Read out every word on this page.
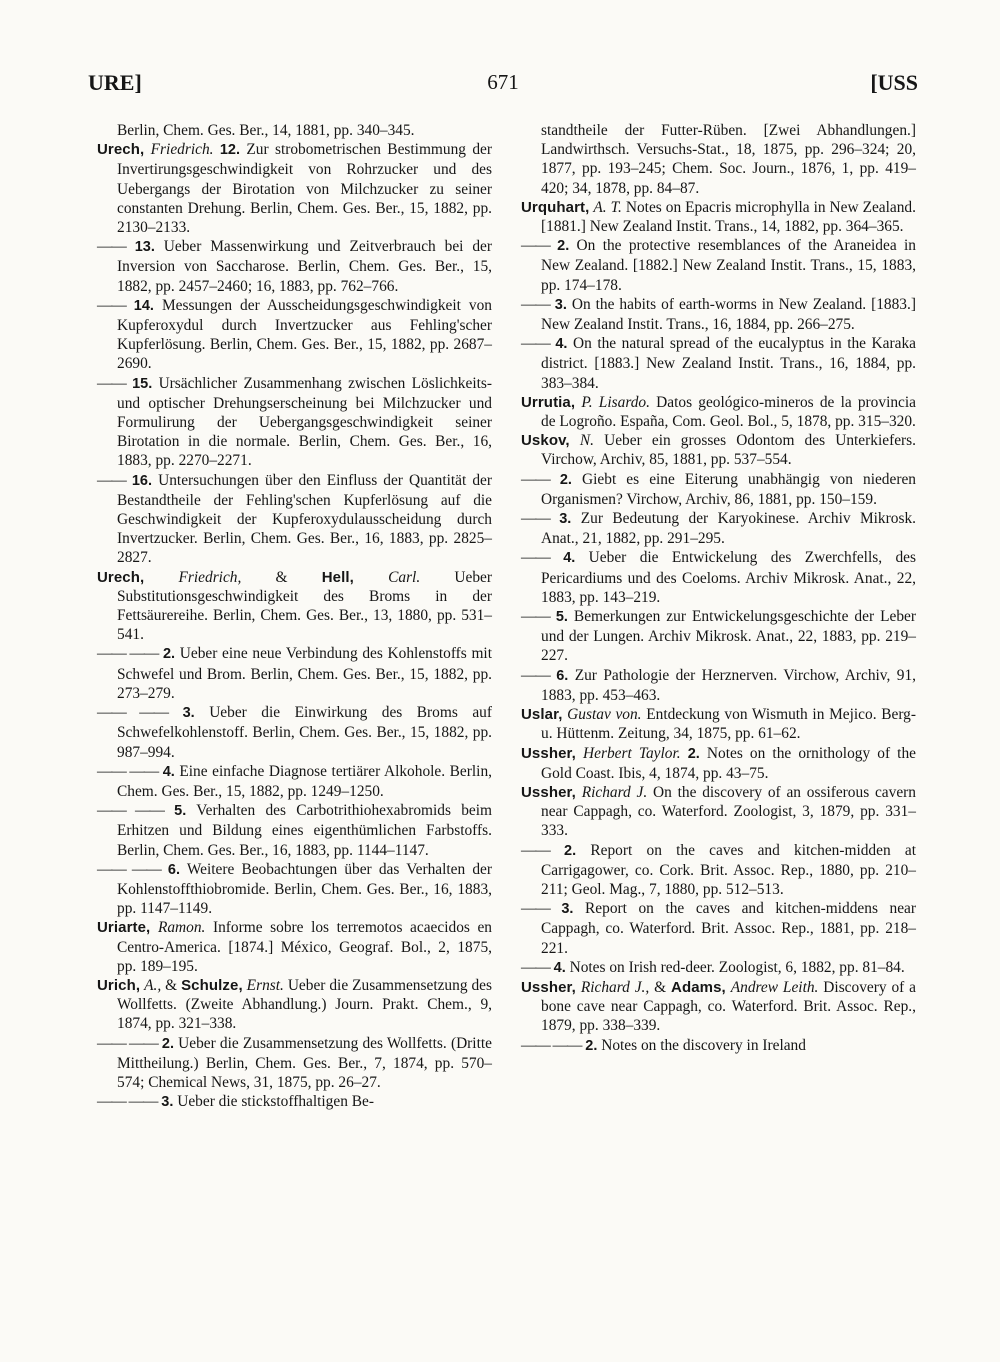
URE]	671	[USS

Berlin, Chem. Ges. Ber., 14, 1881, pp. 340–345.

Urech, Friedrich. 12. Zur strobometrischen Bestimmung der Invertirungsgeschwindigkeit von Rohrzucker und des Uebergangs der Birotation von Milchzucker zu seiner constanten Drehung. Berlin, Chem. Ges. Ber., 15, 1882, pp. 2130–2133.

—— 13. Ueber Massenwirkung und Zeitverbrauch bei der Inversion von Saccharose. Berlin, Chem. Ges. Ber., 15, 1882, pp. 2457–2460; 16, 1883, pp. 762–766.

—— 14. Messungen der Ausscheidungsgeschwindigkeit von Kupferoxydul durch Invertzucker aus Fehling'scher Kupferlösung. Berlin, Chem. Ges. Ber., 15, 1882, pp. 2687–2690.

—— 15. Ursächlicher Zusammenhang zwischen Löslichkeits- und optischer Drehungserscheinung bei Milchzucker und Formulirung der Uebergangsgeschwindigkeit seiner Birotation in die normale. Berlin, Chem. Ges. Ber., 16, 1883, pp. 2270–2271.

—— 16. Untersuchungen über den Einfluss der Quantität der Bestandtheile der Fehling'schen Kupferlösung auf die Geschwindigkeit der Kupferoxydulausscheidung durch Invertzucker. Berlin, Chem. Ges. Ber., 16, 1883, pp. 2825–2827.

Urech, Friedrich, & Hell, Carl. Ueber Substitutionsgeschwindigkeit des Broms in der Fettsäurereihe. Berlin, Chem. Ges. Ber., 13, 1880, pp. 531–541.

—— —— 2. Ueber eine neue Verbindung des Kohlenstoffs mit Schwefel und Brom. Berlin, Chem. Ges. Ber., 15, 1882, pp. 273–279.

—— —— 3. Ueber die Einwirkung des Broms auf Schwefelkohlenstoff. Berlin, Chem. Ges. Ber., 15, 1882, pp. 987–994.

—— —— 4. Eine einfache Diagnose tertiärer Alkohole. Berlin, Chem. Ges. Ber., 15, 1882, pp. 1249–1250.

—— —— 5. Verhalten des Carbotrithiohexabromids beim Erhitzen und Bildung eines eigenthümlichen Farbstoffs. Berlin, Chem. Ges. Ber., 16, 1883, pp. 1144–1147.

—— —— 6. Weitere Beobachtungen über das Verhalten der Kohlenstoffthiobromide. Berlin, Chem. Ges. Ber., 16, 1883, pp. 1147–1149.

Uriarte, Ramon. Informe sobre los terremotos acaecidos en Centro-America. [1874.] México, Geograf. Bol., 2, 1875, pp. 189–195.

Urich, A., & Schulze, Ernst. Ueber die Zusammensetzung des Wollfetts. (Zweite Abhandlung.) Journ. Prakt. Chem., 9, 1874, pp. 321–338.

—— —— 2. Ueber die Zusammensetzung des Wollfetts. (Dritte Mittheilung.) Berlin, Chem. Ges. Ber., 7, 1874, pp. 570–574; Chemical News, 31, 1875, pp. 26–27.

—— —— 3. Ueber die stickstoffhaltigen Be-

standtheile der Futter-Rüben. [Zwei Abhandlungen.] Landwirthsch. Versuchs-Stat., 18, 1875, pp. 296–324; 20, 1877, pp. 193–245; Chem. Soc. Journ., 1876, 1, pp. 419–420; 34, 1878, pp. 84–87.

Urquhart, A. T. Notes on Epacris microphylla in New Zealand. [1881.] New Zealand Instit. Trans., 14, 1882, pp. 364–365.

—— 2. On the protective resemblances of the Araneidea in New Zealand. [1882.] New Zealand Instit. Trans., 15, 1883, pp. 174–178.

—— 3. On the habits of earth-worms in New Zealand. [1883.] New Zealand Instit. Trans., 16, 1884, pp. 266–275.

—— 4. On the natural spread of the eucalyptus in the Karaka district. [1883.] New Zealand Instit. Trans., 16, 1884, pp. 383–384.

Urrutia, P. Lisardo. Datos geológico-mineros de la provincia de Logroño. España, Com. Geol. Bol., 5, 1878, pp. 315–320.

Uskov, N. Ueber ein grosses Odontom des Unterkiefers. Virchow, Archiv, 85, 1881, pp. 537–554.

—— 2. Giebt es eine Eiterung unabhängig von niederen Organismen? Virchow, Archiv, 86, 1881, pp. 150–159.

—— 3. Zur Bedeutung der Karyokinese. Archiv Mikrosk. Anat., 21, 1882, pp. 291–295.

—— 4. Ueber die Entwickelung des Zwerchfells, des Pericardiums und des Coeloms. Archiv Mikrosk. Anat., 22, 1883, pp. 143–219.

—— 5. Bemerkungen zur Entwickelungsgeschichte der Leber und der Lungen. Archiv Mikrosk. Anat., 22, 1883, pp. 219–227.

—— 6. Zur Pathologie der Herznerven. Virchow, Archiv, 91, 1883, pp. 453–463.

Uslar, Gustav von. Entdeckung von Wismuth in Mejico. Berg- u. Hüttenm. Zeitung, 34, 1875, pp. 61–62.

Ussher, Herbert Taylor. 2. Notes on the ornithology of the Gold Coast. Ibis, 4, 1874, pp. 43–75.

Ussher, Richard J. On the discovery of an ossiferous cavern near Cappagh, co. Waterford. Zoologist, 3, 1879, pp. 331–333.

—— 2. Report on the caves and kitchen-midden at Carrigagower, co. Cork. Brit. Assoc. Rep., 1880, pp. 210–211; Geol. Mag., 7, 1880, pp. 512–513.

—— 3. Report on the caves and kitchen-middens near Cappagh, co. Waterford. Brit. Assoc. Rep., 1881, pp. 218–221.

—— 4. Notes on Irish red-deer. Zoologist, 6, 1882, pp. 81–84.

Ussher, Richard J., & Adams, Andrew Leith. Discovery of a bone cave near Cappagh, co. Waterford. Brit. Assoc. Rep., 1879, pp. 338–339.

—— —— 2. Notes on the discovery in Ireland
